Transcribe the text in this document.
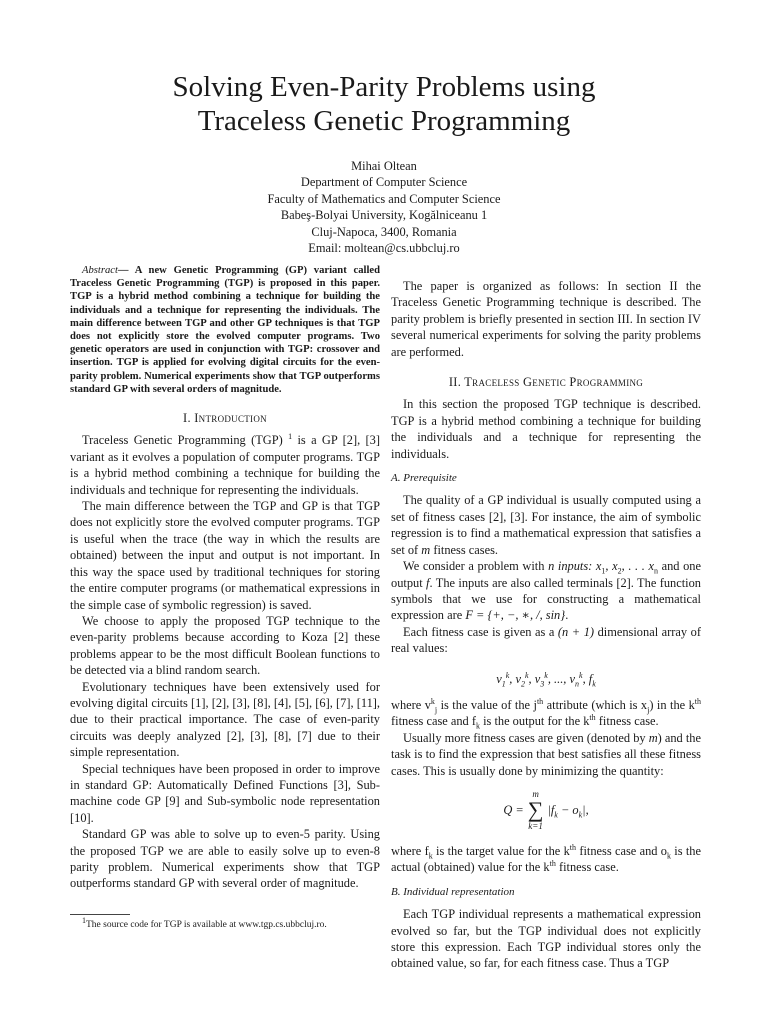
Solving Even-Parity Problems using
Traceless Genetic Programming
Mihai Oltean
Department of Computer Science
Faculty of Mathematics and Computer Science
Babeş-Bolyai University, Kogălniceanu 1
Cluj-Napoca, 3400, Romania
Email: moltean@cs.ubbcluj.ro

Abstract— A new Genetic Programming (GP) variant called Traceless Genetic Programming (TGP) is proposed in this paper. TGP is a hybrid method combining a technique for building the individuals and a technique for representing the individuals. The main difference between TGP and other GP techniques is that TGP does not explicitly store the evolved computer programs. Two genetic operators are used in conjunction with TGP: crossover and insertion. TGP is applied for evolving digital circuits for the even-parity problem. Numerical experiments show that TGP outperforms standard GP with several orders of magnitude.

I. Introduction

Traceless Genetic Programming (TGP) $^1$ is a GP [2], [3] variant as it evolves a population of computer programs. TGP is a hybrid method combining a technique for building the individuals and technique for representing the individuals.

The main difference between the TGP and GP is that TGP does not explicitly store the evolved computer programs. TGP is useful when the trace (the way in which the results are obtained) between the input and output is not important. In this way the space used by traditional techniques for storing the entire computer programs (or mathematical expressions in the simple case of symbolic regression) is saved.

We choose to apply the proposed TGP technique to the even-parity problems because according to Koza [2] these problems appear to be the most difficult Boolean functions to be detected via a blind random search.

Evolutionary techniques have been extensively used for evolving digital circuits [1], [2], [3], [8], [4], [5], [6], [7], [11], due to their practical importance. The case of even-parity circuits was deeply analyzed [2], [3], [8], [7] due to their simple representation.

Special techniques have been proposed in order to improve in standard GP: Automatically Defined Functions [3], Sub-machine code GP [9] and Sub-symbolic node representation [10].

Standard GP was able to solve up to even-5 parity. Using the proposed TGP we are able to easily solve up to even-8 parity problem. Numerical experiments show that TGP outperforms standard GP with several order of magnitude.

$^1$The source code for TGP is available at www.tgp.cs.ubbcluj.ro.

The paper is organized as follows: In section II the Traceless Genetic Programming technique is described. The parity problem is briefly presented in section III. In section IV several numerical experiments for solving the parity problems are performed.

II. Traceless Genetic Programming

In this section the proposed TGP technique is described. TGP is a hybrid method combining a technique for building the individuals and a technique for representing the individuals.

A. Prerequisite

The quality of a GP individual is usually computed using a set of fitness cases [2], [3]. For instance, the aim of symbolic regression is to find a mathematical expression that satisfies a set of m fitness cases.

We consider a problem with n inputs: $x_1$, $x_2$, . . . $x_n$ and one output f. The inputs are also called terminals [2]. The function symbols that we use for constructing a mathematical expression are F = {+, −, ∗, /, sin}.

Each fitness case is given as a (n + 1) dimensional array of real values:

$v_1^k$, $v_2^k$, $v_3^k$, ..., $v_n^k$, $f_k$

where $v^k_j$ is the value of the $j^{th}$ attribute (which is $x_j$) in the $k^{th}$ fitness case and $f_k$ is the output for the $k^{th}$ fitness case.

Usually more fitness cases are given (denoted by m) and the task is to find the expression that best satisfies all these fitness cases. This is usually done by minimizing the quantity:

Q =
m
∑
k=1
$|f_k - o_k|$,

where $f_k$ is the target value for the $k^{th}$ fitness case and $o_k$ is the actual (obtained) value for the $k^{th}$ fitness case.

B. Individual representation

Each TGP individual represents a mathematical expression evolved so far, but the TGP individual does not explicitly store this expression. Each TGP individual stores only the obtained value, so far, for each fitness case. Thus a TGP
